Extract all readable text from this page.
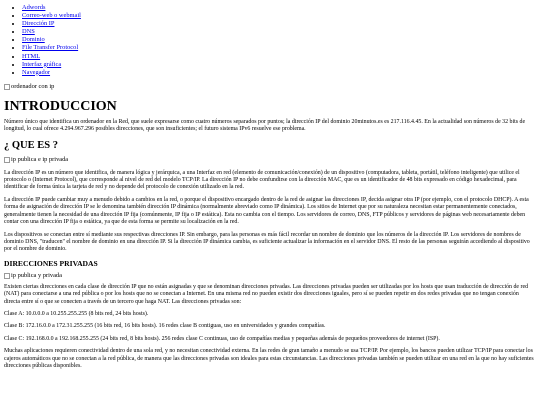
• Adwords
• Correo-web o webmail
• Dirección IP
• DNS
• Dominio
• File Transfer Protocol
• HTML
• Interfaz gráfica
• Navegador
ordenador con ip
INTRODUCCION

Número único que identifica un ordenador en la Red, que suele expresarse como cuatro números separados por puntos; la dirección IP del dominio 20minutos.es es 217.116.4.45. En la actualidad son números de 32 bits de longitud, lo cual ofrece 4.294.967.296 posibles direcciones, que son insuficientes; el futuro sistema IPv6 resuelve ese problema.

¿ QUE ES ?
ip publica e ip privada

La dirección IP es un número que identifica, de manera lógica y jerárquica, a una Interfaz en red (elemento de comunicación/conexión) de un dispositivo (computadora, tableta, portátil, teléfono inteligente) que utilice el protocolo o (Internet Protocol), que corresponde al nivel de red del modelo TCP/IP. La dirección IP no debe confundirse con la dirección MAC, que es un identificador de 48 bits expresado en código hexadecimal, para identificar de forma única la tarjeta de red y no depende del protocolo de conexión utilizado en la red.

La dirección IP puede cambiar muy a menudo debido a cambios en la red, o porque el dispositivo encargado dentro de la red de asignar las direcciones IP, decida asignar otra IP (por ejemplo, con el protocolo DHCP). A esta forma de asignación de dirección IP se le denomina también dirección IP dinámica (normalmente abreviado como IP dinámica). Los sitios de Internet que por su naturaleza necesitan estar permanentemente conectados, generalmente tienen la necesidad de una dirección IP fija (comúnmente, IP fija o IP estática). Esta no cambia con el tiempo. Los servidores de correo, DNS, FTP públicos y servidores de páginas web necesariamente deben contar con una dirección IP fija o estática, ya que de esta forma se permite su localización en la red.

Los dispositivos se conectan entre sí mediante sus respectivas direcciones IP. Sin embargo, para las personas es más fácil recordar un nombre de dominio que los números de la dirección IP. Los servidores de nombres de dominio DNS, "traducen" el nombre de dominio en una dirección IP. Si la dirección IP dinámica cambia, es suficiente actualizar la información en el servidor DNS. El resto de las personas seguirán accediendo al dispositivo por el nombre de dominio.

DIRECCIONES PRIVADAS
ip publica y privada

Existen ciertas direcciones en cada clase de dirección IP que no están asignadas y que se denominan direcciones privadas. Las direcciones privadas pueden ser utilizadas por los hosts que usan traducción de dirección de red (NAT) para conectarse a una red pública o por los hosts que no se conectan a Internet. En una misma red no pueden existir dos direcciones iguales, pero sí se pueden repetir en dos redes privadas que no tengan conexión directa entre sí o que se conecten a través de un tercero que haga NAT. Las direcciones privadas son:

Clase A: 10.0.0.0 a 10.255.255.255 (8 bits red, 24 bits hosts).

Clase B: 172.16.0.0 a 172.31.255.255 (16 bits red, 16 bits hosts). 16 redes clase B contiguas, uso en universidades y grandes compañías.

Clase C: 192.168.0.0 a 192.168.255.255 (24 bits red, 8 bits hosts). 256 redes clase C continuas, uso de compañías medias y pequeñas además de pequeños proveedores de internet (ISP).

Muchas aplicaciones requieren conectividad dentro de una sola red, y no necesitan conectividad externa. En las redes de gran tamaño a menudo se usa TCP/IP. Por ejemplo, los bancos pueden utilizar TCP/IP para conectar los cajeros automáticos que no se conectan a la red pública, de manera que las direcciones privadas son ideales para estas circunstancias. Las direcciones privadas también se pueden utilizar en una red en la que no hay suficientes direcciones públicas disponibles.
